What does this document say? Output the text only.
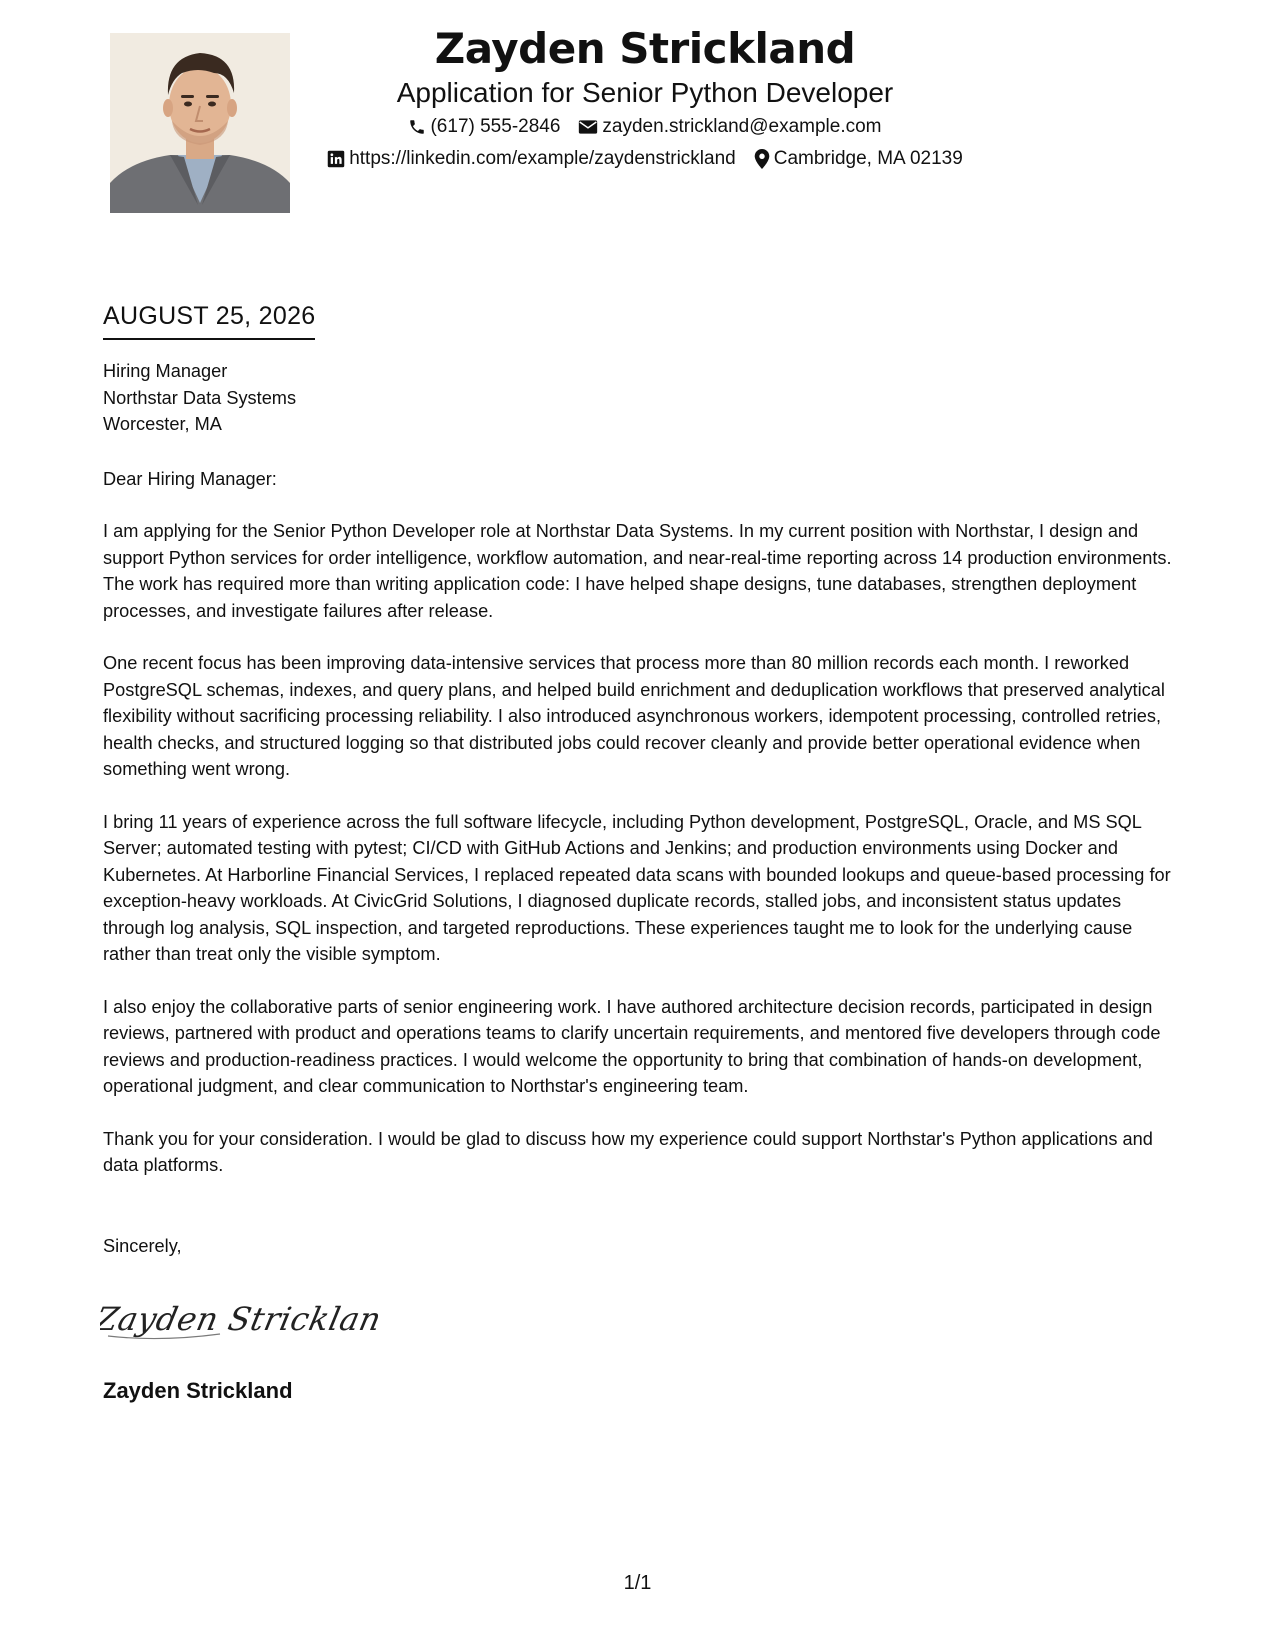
Zayden Strickland
Application for Senior Python Developer
(617) 555-2846 zayden.strickland@example.com
https://linkedin.com/example/zaydenstrickland Cambridge, MA 02139
AUGUST 25, 2026
Hiring Manager
Northstar Data Systems
Worcester, MA
Dear Hiring Manager:
I am applying for the Senior Python Developer role at Northstar Data Systems. In my current position with Northstar, I design and support Python services for order intelligence, workflow automation, and near-real-time reporting across 14 production environments. The work has required more than writing application code: I have helped shape designs, tune databases, strengthen deployment processes, and investigate failures after release.
One recent focus has been improving data-intensive services that process more than 80 million records each month. I reworked PostgreSQL schemas, indexes, and query plans, and helped build enrichment and deduplication workflows that preserved analytical flexibility without sacrificing processing reliability. I also introduced asynchronous workers, idempotent processing, controlled retries, health checks, and structured logging so that distributed jobs could recover cleanly and provide better operational evidence when something went wrong.
I bring 11 years of experience across the full software lifecycle, including Python development, PostgreSQL, Oracle, and MS SQL Server; automated testing with pytest; CI/CD with GitHub Actions and Jenkins; and production environments using Docker and Kubernetes. At Harborline Financial Services, I replaced repeated data scans with bounded lookups and queue-based processing for exception-heavy workloads. At CivicGrid Solutions, I diagnosed duplicate records, stalled jobs, and inconsistent status updates through log analysis, SQL inspection, and targeted reproductions. These experiences taught me to look for the underlying cause rather than treat only the visible symptom.
I also enjoy the collaborative parts of senior engineering work. I have authored architecture decision records, participated in design reviews, partnered with product and operations teams to clarify uncertain requirements, and mentored five developers through code reviews and production-readiness practices. I would welcome the opportunity to bring that combination of hands-on development, operational judgment, and clear communication to Northstar's engineering team.
Thank you for your consideration. I would be glad to discuss how my experience could support Northstar's Python applications and data platforms.
Sincerely,
Zayden Stricklan
Zayden Strickland
1/1
